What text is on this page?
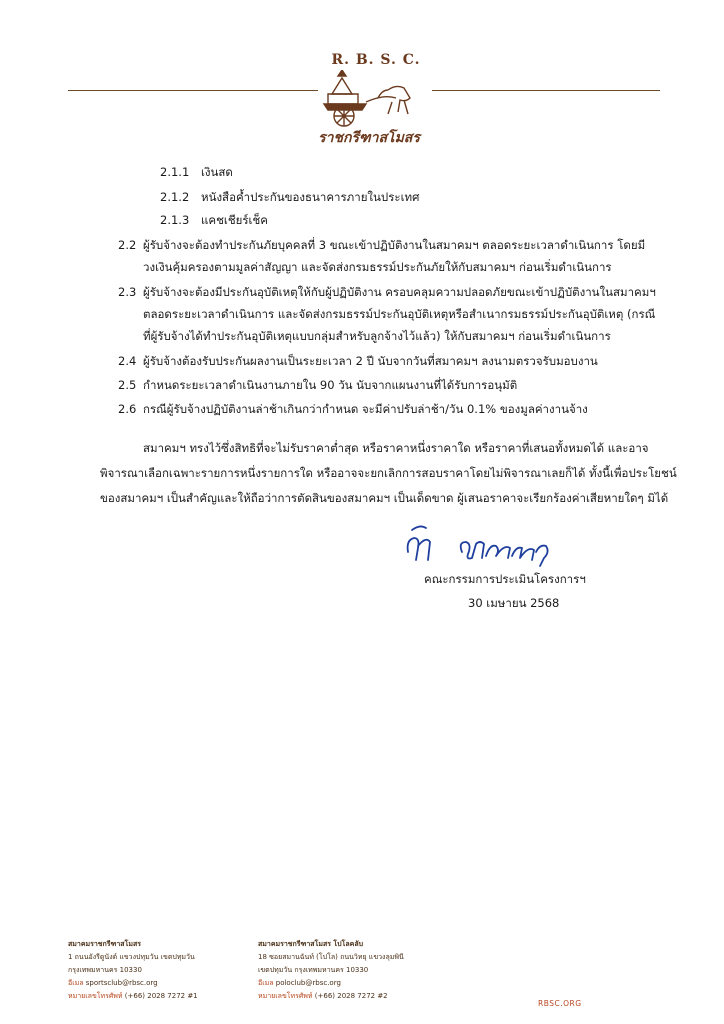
R. B. S. C.
ราชกรีฑาสโมสร
2.1.1 เงินสด
2.1.2 หนังสือค้ำประกันของธนาคารภายในประเทศ
2.1.3 แคชเชียร์เช็ค
2.2 ผู้รับจ้างจะต้องทำประกันภัยบุคคลที่ 3 ขณะเข้าปฏิบัติงานในสมาคมฯ ตลอดระยะเวลาดำเนินการ โดยมี
วงเงินคุ้มครองตามมูลค่าสัญญา และจัดส่งกรมธรรม์ประกันภัยให้กับสมาคมฯ ก่อนเริ่มดำเนินการ
2.3 ผู้รับจ้างจะต้องมีประกันอุบัติเหตุให้กับผู้ปฏิบัติงาน ครอบคลุมความปลอดภัยขณะเข้าปฏิบัติงานในสมาคมฯ
ตลอดระยะเวลาดำเนินการ และจัดส่งกรมธรรม์ประกันอุบัติเหตุหรือสำเนากรมธรรม์ประกันอุบัติเหตุ (กรณี
ที่ผู้รับจ้างได้ทำประกันอุบัติเหตุแบบกลุ่มสำหรับลูกจ้างไว้แล้ว) ให้กับสมาคมฯ ก่อนเริ่มดำเนินการ
2.4 ผู้รับจ้างต้องรับประกันผลงานเป็นระยะเวลา 2 ปี นับจากวันที่สมาคมฯ ลงนามตรวจรับมอบงาน
2.5 กำหนดระยะเวลาดำเนินงานภายใน 90 วัน นับจากแผนงานที่ได้รับการอนุมัติ
2.6 กรณีผู้รับจ้างปฏิบัติงานล่าช้าเกินกว่ากำหนด จะมีค่าปรับล่าช้า/วัน 0.1% ของมูลค่างานจ้าง
สมาคมฯ ทรงไว้ซึ่งสิทธิที่จะไม่รับราคาต่ำสุด หรือราคาหนึ่งราคาใด หรือราคาที่เสนอทั้งหมดได้ และอาจ
พิจารณาเลือกเฉพาะรายการหนึ่งรายการใด หรืออาจจะยกเลิกการสอบราคาโดยไม่พิจารณาเลยก็ได้ ทั้งนี้เพื่อประโยชน์
ของสมาคมฯ เป็นสำคัญและให้ถือว่าการตัดสินของสมาคมฯ เป็นเด็ดขาด ผู้เสนอราคาจะเรียกร้องค่าเสียหายใดๆ มิได้
คณะกรรมการประเมินโครงการฯ
30 เมษายน 2568
สมาคมราชกรีฑาสโมสร
1 ถนนอังรีดูนังต์ แขวงปทุมวัน เขตปทุมวัน
กรุงเทพมหานคร 10330
อีเมล sportsclub@rbsc.org
หมายเลขโทรศัพท์ (+66) 2028 7272 #1
สมาคมราชกรีฑาสโมสร โปโลคลับ
18 ซอยสมานฉันท์ (โปโล) ถนนวิทยุ แขวงลุมพินี
เขตปทุมวัน กรุงเทพมหานคร 10330
อีเมล poloclub@rbsc.org
หมายเลขโทรศัพท์ (+66) 2028 7272 #2
RBSC.ORG
